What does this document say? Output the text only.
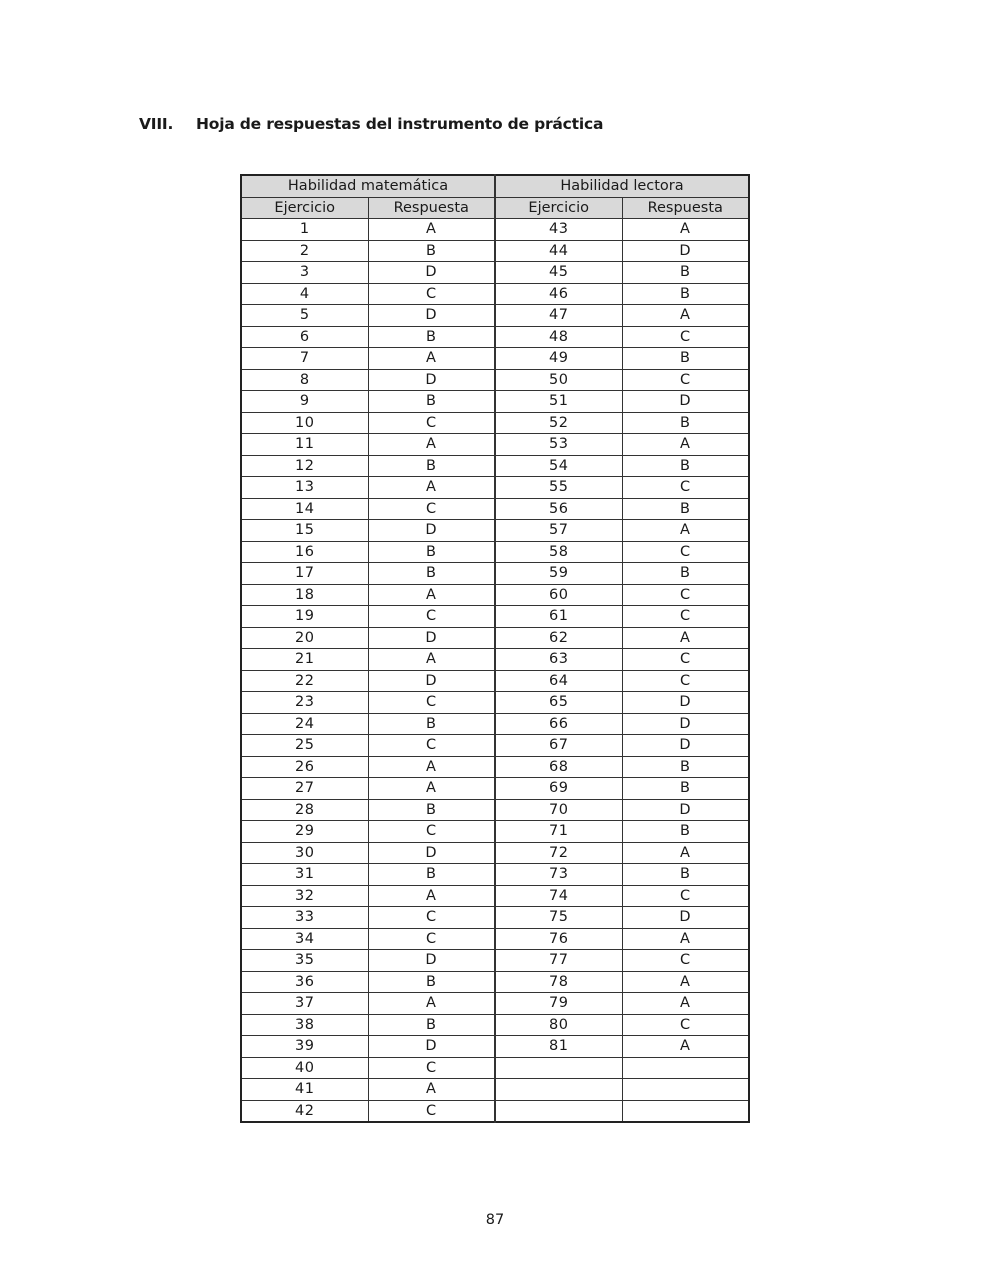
VIII.	Hoja de respuestas del instrumento de práctica
Habilidad matemática		Habilidad lectora	
Ejercicio	Respuesta	Ejercicio	Respuesta
1	A	43	A
2	B	44	D
3	D	45	B
4	C	46	B
5	D	47	A
6	B	48	C
7	A	49	B
8	D	50	C
9	B	51	D
10	C	52	B
11	A	53	A
12	B	54	B
13	A	55	C
14	C	56	B
15	D	57	A
16	B	58	C
17	B	59	B
18	A	60	C
19	C	61	C
20	D	62	A
21	A	63	C
22	D	64	C
23	C	65	D
24	B	66	D
25	C	67	D
26	A	68	B
27	A	69	B
28	B	70	D
29	C	71	B
30	D	72	A
31	B	73	B
32	A	74	C
33	C	75	D
34	C	76	A
35	D	77	C
36	B	78	A
37	A	79	A
38	B	80	C
39	D	81	A
40	C		
41	A		
42	C		
87
